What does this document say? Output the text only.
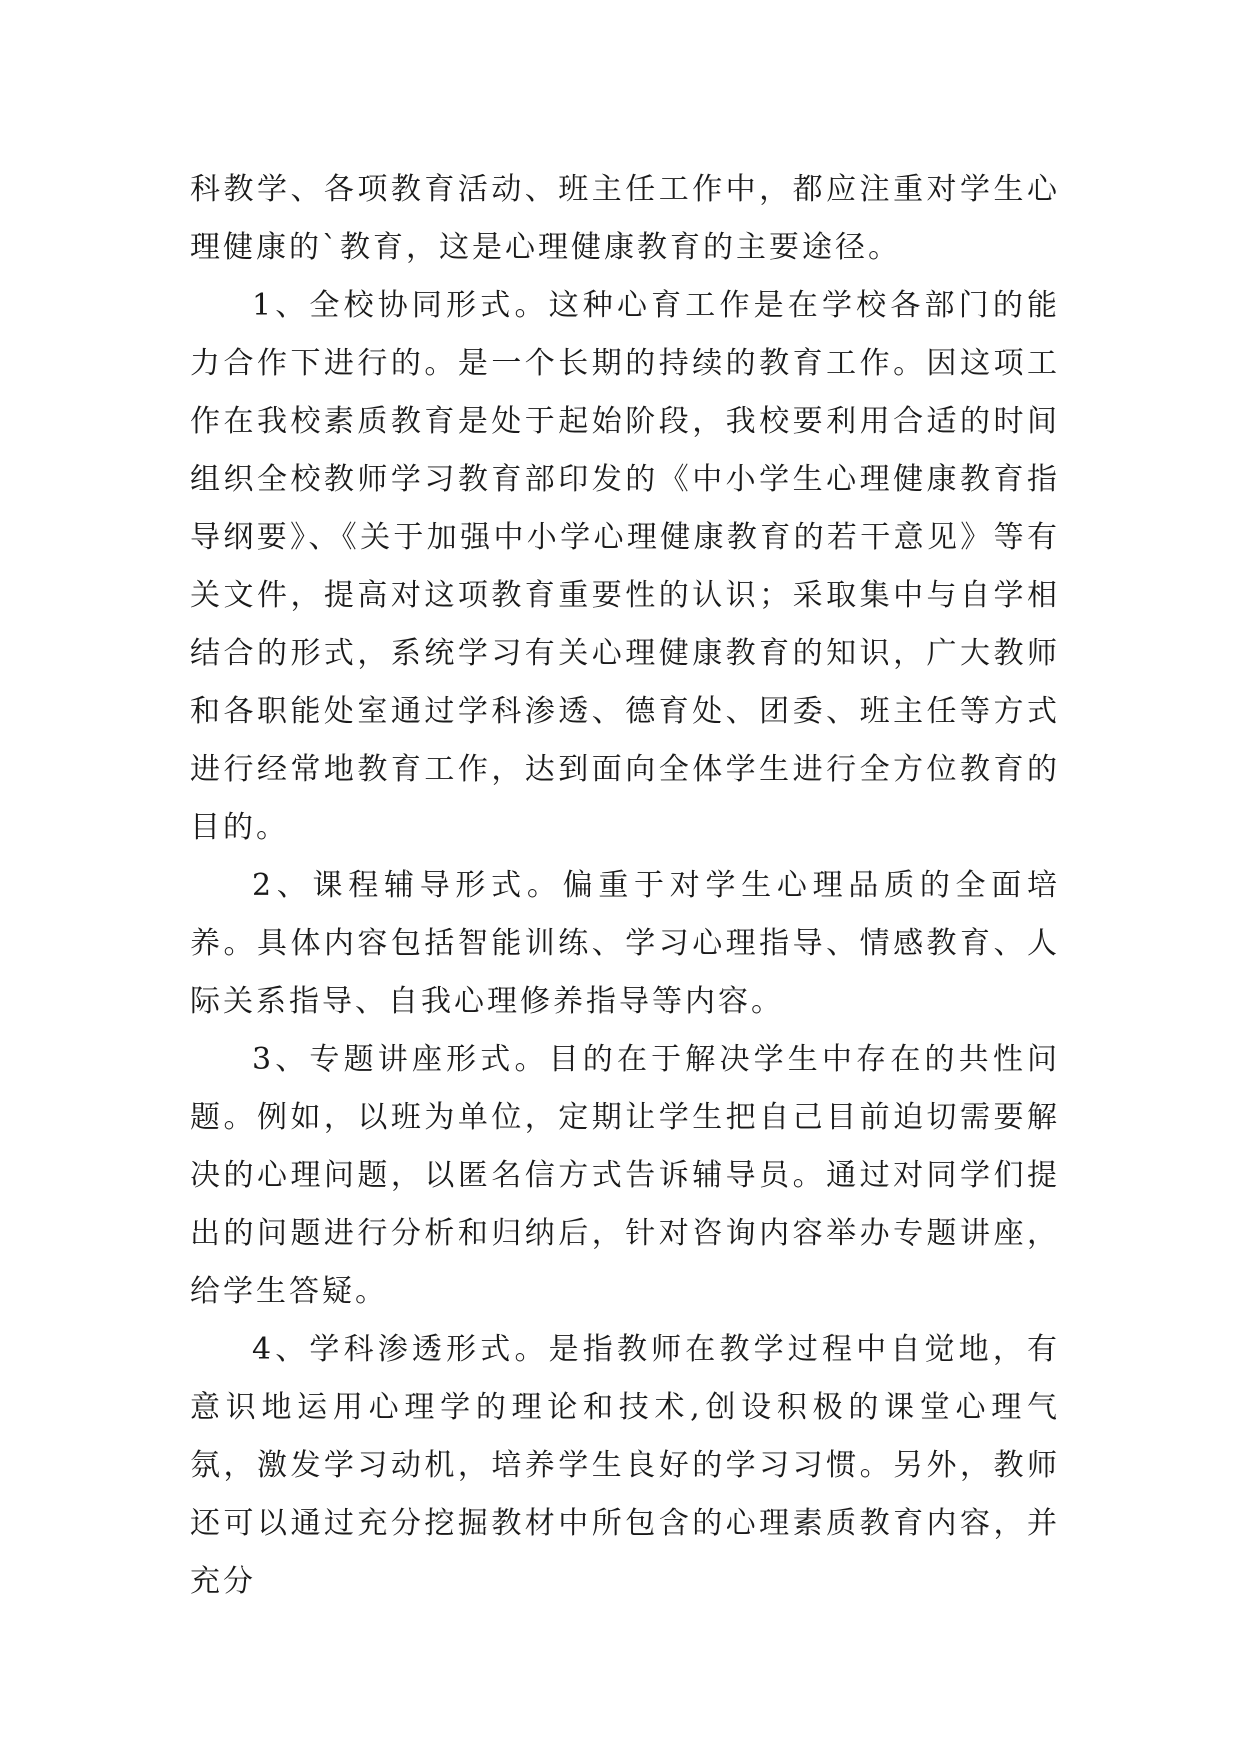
科教学、各项教育活动、班主任工作中，都应注重对学生心理健康的`教育，这是心理健康教育的主要途径。

1、全校协同形式。这种心育工作是在学校各部门的能力合作下进行的。是一个长期的持续的教育工作。因这项工作在我校素质教育是处于起始阶段，我校要利用合适的时间组织全校教师学习教育部印发的《中小学生心理健康教育指导纲要》、《关于加强中小学心理健康教育的若干意见》等有关文件，提高对这项教育重要性的认识；采取集中与自学相结合的形式，系统学习有关心理健康教育的知识，广大教师和各职能处室通过学科渗透、德育处、团委、班主任等方式进行经常地教育工作，达到面向全体学生进行全方位教育的目的。

2、课程辅导形式。偏重于对学生心理品质的全面培养。具体内容包括智能训练、学习心理指导、情感教育、人际关系指导、自我心理修养指导等内容。

3、专题讲座形式。目的在于解决学生中存在的共性问题。例如，以班为单位，定期让学生把自己目前迫切需要解决的心理问题，以匿名信方式告诉辅导员。通过对同学们提出的问题进行分析和归纳后，针对咨询内容举办专题讲座，给学生答疑。

4、学科渗透形式。是指教师在教学过程中自觉地，有意识地运用心理学的理论和技术,创设积极的课堂心理气氛，激发学习动机，培养学生良好的学习习惯。另外，教师还可以通过充分挖掘教材中所包含的心理素质教育内容，并充分
